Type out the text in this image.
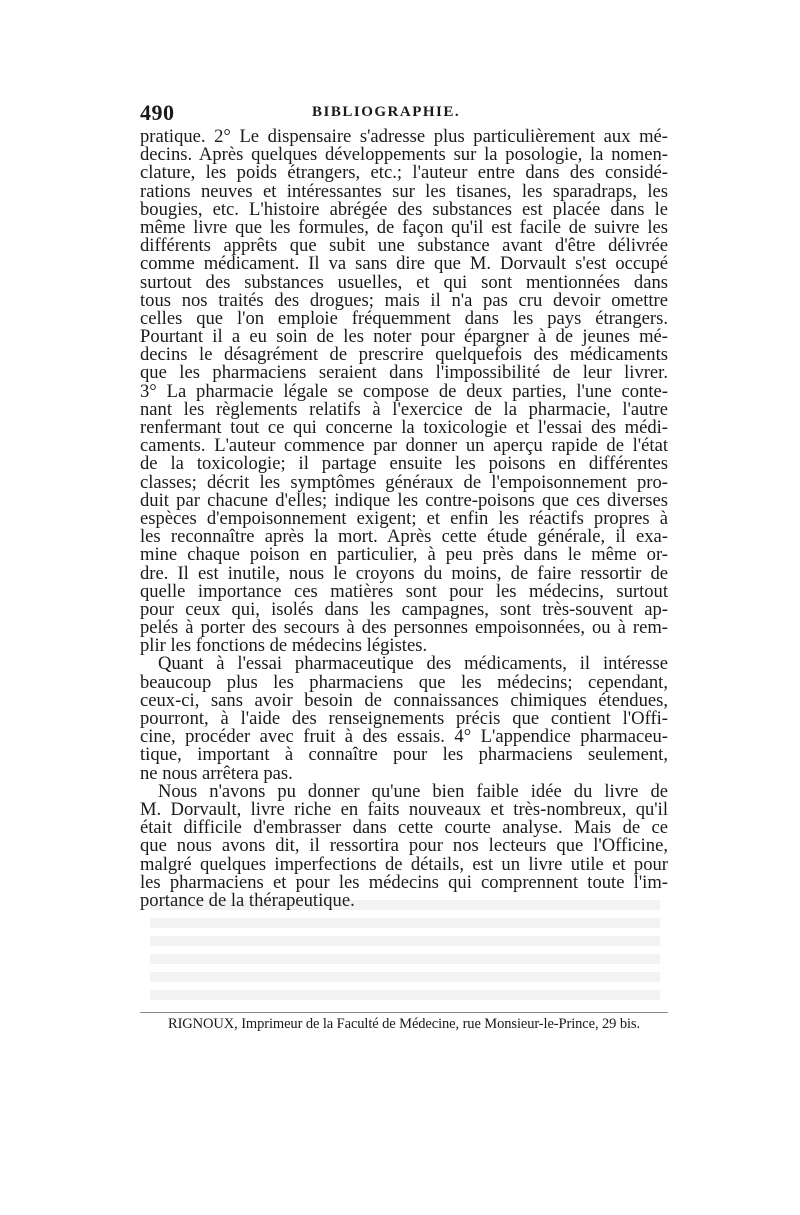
490	BIBLIOGRAPHIE.
pratique. 2° Le dispensaire s'adresse plus particulièrement aux mé-
decins. Après quelques développements sur la posologie, la nomen-
clature, les poids étrangers, etc.; l'auteur entre dans des considé-
rations neuves et intéressantes sur les tisanes, les sparadraps, les
bougies, etc. L'histoire abrégée des substances est placée dans le
même livre que les formules, de façon qu'il est facile de suivre les
différents apprêts que subit une substance avant d'être délivrée
comme médicament. Il va sans dire que M. Dorvault s'est occupé
surtout des substances usuelles, et qui sont mentionnées dans
tous nos traités des drogues; mais il n'a pas cru devoir omettre
celles que l'on emploie fréquemment dans les pays étrangers.
Pourtant il a eu soin de les noter pour épargner à de jeunes mé-
decins le désagrément de prescrire quelquefois des médicaments
que les pharmaciens seraient dans l'impossibilité de leur livrer.
3° La pharmacie légale se compose de deux parties, l'une conte-
nant les règlements relatifs à l'exercice de la pharmacie, l'autre
renfermant tout ce qui concerne la toxicologie et l'essai des médi-
caments. L'auteur commence par donner un aperçu rapide de l'état
de la toxicologie; il partage ensuite les poisons en différentes
classes; décrit les symptômes généraux de l'empoisonnement pro-
duit par chacune d'elles; indique les contre-poisons que ces diverses
espèces d'empoisonnement exigent; et enfin les réactifs propres à
les reconnaître après la mort. Après cette étude générale, il exa-
mine chaque poison en particulier, à peu près dans le même or-
dre. Il est inutile, nous le croyons du moins, de faire ressortir de
quelle importance ces matières sont pour les médecins, surtout
pour ceux qui, isolés dans les campagnes, sont très-souvent ap-
pelés à porter des secours à des personnes empoisonnées, ou à rem-
plir les fonctions de médecins légistes.
Quant à l'essai pharmaceutique des médicaments, il intéresse
beaucoup plus les pharmaciens que les médecins; cependant,
ceux-ci, sans avoir besoin de connaissances chimiques étendues,
pourront, à l'aide des renseignements précis que contient l'Offi-
cine, procéder avec fruit à des essais. 4° L'appendice pharmaceu-
tique, important à connaître pour les pharmaciens seulement,
ne nous arrêtera pas.
Nous n'avons pu donner qu'une bien faible idée du livre de
M. Dorvault, livre riche en faits nouveaux et très-nombreux, qu'il
était difficile d'embrasser dans cette courte analyse. Mais de ce
que nous avons dit, il ressortira pour nos lecteurs que l'Officine,
malgré quelques imperfections de détails, est un livre utile et pour
les pharmaciens et pour les médecins qui comprennent toute l'im-
portance de la thérapeutique.
RIGNOUX, Imprimeur de la Faculté de Médecine, rue Monsieur-le-Prince, 29 bis.
